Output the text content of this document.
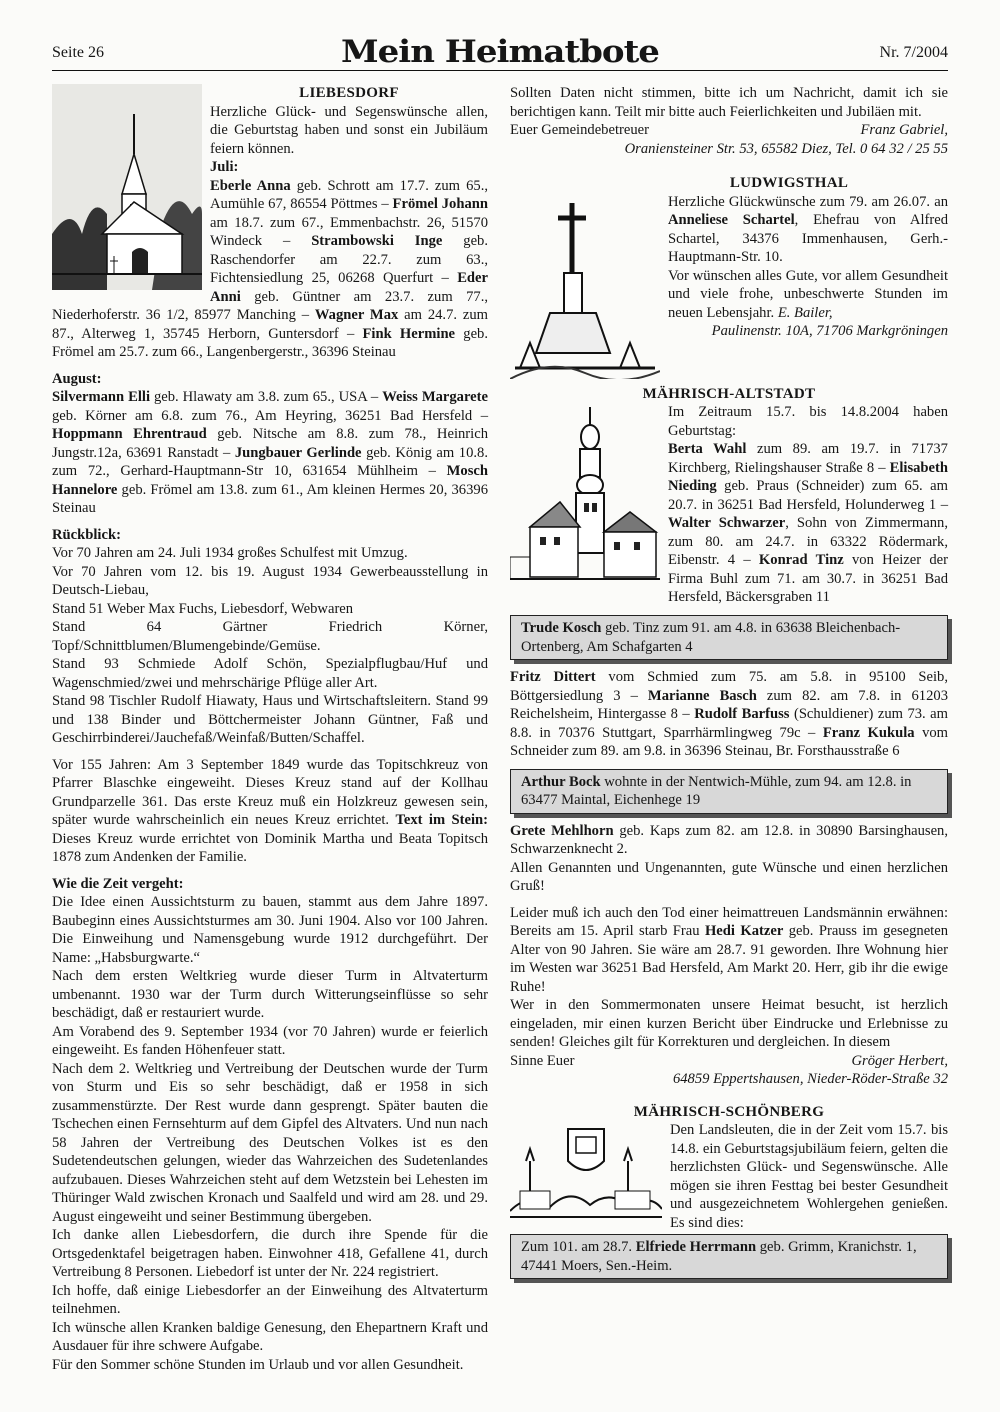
Seite 26	Mein Heimatbote	Nr. 7/2004

LIEBESDORF

Herzliche Glück- und Segenswünsche allen, die Geburtstag haben und sonst ein Jubiläum feiern können.

Juli:

Eberle Anna geb. Schrott am 17.7. zum 65., Aumühle 67, 86554 Pöttmes – Frömel Johann am 18.7. zum 67., Emmenbachstr. 26, 51570 Windeck – Strambowski Inge geb. Raschendorfer am 22.7. zum 63., Fichtensiedlung 25, 06268 Querfurt – Eder Anni geb. Güntner am 23.7. zum 77., Niederhoferstr. 36 1/2, 85977 Manching – Wagner Max am 24.7. zum 87., Alterweg 1, 35745 Herborn, Guntersdorf – Fink Hermine geb. Frömel am 25.7. zum 66., Langenbergerstr., 36396 Steinau

August:

Silvermann Elli geb. Hlawaty am 3.8. zum 65., USA – Weiss Margarete geb. Körner am 6.8. zum 76., Am Heyring, 36251 Bad Hersfeld – Hoppmann Ehrentraud geb. Nitsche am 8.8. zum 78., Heinrich Jungstr.12a, 63691 Ranstadt – Jungbauer Gerlinde geb. König am 10.8. zum 72., Gerhard-Hauptmann-Str 10, 631654 Mühlheim – Mosch Hannelore geb. Frömel am 13.8. zum 61., Am kleinen Hermes 20, 36396 Steinau

Rückblick:

Vor 70 Jahren am 24. Juli 1934 großes Schulfest mit Umzug.

Vor 70 Jahren vom 12. bis 19. August 1934 Gewerbeausstellung in Deutsch-Liebau,

Stand 51 Weber Max Fuchs, Liebesdorf, Webwaren

Stand 64 Gärtner Friedrich Körner, Topf/Schnittblumen/Blumengebinde/Gemüse.

Stand 93 Schmiede Adolf Schön, Spezialpflugbau/Huf und Wagenschmied/zwei und mehrschärige Pflüge aller Art.

Stand 98 Tischler Rudolf Hiawaty, Haus und Wirtschaftsleitern. Stand 99 und 138 Binder und Böttchermeister Johann Güntner, Faß und Geschirrbinderei/Jauchefaß/Weinfaß/Butten/Schaffel.

Vor 155 Jahren: Am 3 September 1849 wurde das Topitschkreuz von Pfarrer Blaschke eingeweiht. Dieses Kreuz stand auf der Kollhau Grundparzelle 361. Das erste Kreuz muß ein Holzkreuz gewesen sein, später wurde wahrscheinlich ein neues Kreuz errichtet. Text im Stein: Dieses Kreuz wurde errichtet von Dominik Martha und Beata Topitsch 1878 zum Andenken der Familie.

Wie die Zeit vergeht:

Die Idee einen Aussichtsturm zu bauen, stammt aus dem Jahre 1897. Baubeginn eines Aussichtsturmes am 30. Juni 1904. Also vor 100 Jahren. Die Einweihung und Namensgebung wurde 1912 durchgeführt. Der Name: „Habsburgwarte.“

Nach dem ersten Weltkrieg wurde dieser Turm in Altvaterturm umbenannt. 1930 war der Turm durch Witterungseinflüsse so sehr beschädigt, daß er restauriert wurde.

Am Vorabend des 9. September 1934 (vor 70 Jahren) wurde er feierlich eingeweiht. Es fanden Höhenfeuer statt.

Nach dem 2. Weltkrieg und Vertreibung der Deutschen wurde der Turm von Sturm und Eis so sehr beschädigt, daß er 1958 in sich zusammenstürzte. Der Rest wurde dann gesprengt. Später bauten die Tschechen einen Fernsehturm auf dem Gipfel des Altvaters. Und nun nach 58 Jahren der Vertreibung des Deutschen Volkes ist es den Sudetendeutschen gelungen, wieder das Wahrzeichen des Sudetenlandes aufzubauen. Dieses Wahrzeichen steht auf dem Wetzstein bei Lehesten im Thüringer Wald zwischen Kronach und Saalfeld und wird am 28. und 29. August eingeweiht und seiner Bestimmung übergeben.

Ich danke allen Liebesdorfern, die durch ihre Spende für die Ortsgedenktafel beigetragen haben. Einwohner 418, Gefallene 41, durch Vertreibung 8 Personen. Liebedorf ist unter der Nr. 224 registriert.

Ich hoffe, daß einige Liebesdorfer an der Einweihung des Altvaterturm teilnehmen.

Ich wünsche allen Kranken baldige Genesung, den Ehepartnern Kraft und Ausdauer für ihre schwere Aufgabe.

Für den Sommer schöne Stunden im Urlaub und vor allen Gesundheit.

Sollten Daten nicht stimmen, bitte ich um Nachricht, damit ich sie berichtigen kann. Teilt mir bitte auch Feierlichkeiten und Jubiläen mit.

Euer Gemeindebetreuer	Franz Gabriel,

Oraniensteiner Str. 53, 65582 Diez, Tel. 0 64 32 / 25 55

LUDWIGSTHAL

Herzliche Glückwünsche zum 79. am 26.07. an Anneliese Schartel, Ehefrau von Alfred Schartel, 34376 Immenhausen, Gerh.-Hauptmann-Str. 10.

Vor wünschen alles Gute, vor allem Gesundheit und viele frohe, unbeschwerte Stunden im neuen Lebensjahr. E. Bailer,

Paulinenstr. 10A, 71706 Markgröningen

MÄHRISCH-ALTSTADT

Im Zeitraum 15.7. bis 14.8.2004 haben Geburtstag:

Berta Wahl zum 89. am 19.7. in 71737 Kirchberg, Rielingshauser Straße 8 – Elisabeth Nieding geb. Praus (Schneider) zum 65. am 20.7. in 36251 Bad Hersfeld, Holunderweg 1 – Walter Schwarzer, Sohn von Zimmermann, zum 80. am 24.7. in 63322 Rödermark, Eibenstr. 4 – Konrad Tinz von Heizer der Firma Buhl zum 71. am 30.7. in 36251 Bad Hersfeld, Bäckersgraben 11

Trude Kosch geb. Tinz zum 91. am 4.8. in 63638 Bleichenbach-Ortenberg, Am Schafgarten 4

Fritz Dittert vom Schmied zum 75. am 5.8. in 95100 Seib, Böttgersiedlung 3 – Marianne Basch zum 82. am 7.8. in 61203 Reichelsheim, Hintergasse 8 – Rudolf Barfuss (Schuldiener) zum 73. am 8.8. in 70376 Stuttgart, Sparrhärmlingweg 79c – Franz Kukula vom Schneider zum 89. am 9.8. in 36396 Steinau, Br. Forsthausstraße 6

Arthur Bock wohnte in der Nentwich-Mühle, zum 94. am 12.8. in 63477 Maintal, Eichenhege 19

Grete Mehlhorn geb. Kaps zum 82. am 12.8. in 30890 Barsinghausen, Schwarzenknecht 2.

Allen Genannten und Ungenannten, gute Wünsche und einen herzlichen Gruß!

Leider muß ich auch den Tod einer heimattreuen Landsmännin erwähnen: Bereits am 15. April starb Frau Hedi Katzer geb. Prauss im gesegneten Alter von 90 Jahren. Sie wäre am 28.7. 91 geworden. Ihre Wohnung hier im Westen war 36251 Bad Hersfeld, Am Markt 20. Herr, gib ihr die ewige Ruhe!

Wer in den Sommermonaten unsere Heimat besucht, ist herzlich eingeladen, mir einen kurzen Bericht über Eindrucke und Erlebnisse zu senden! Gleiches gilt für Korrekturen und dergleichen. In diesem

Sinne Euer	Gröger Herbert,

64859 Eppertshausen, Nieder-Röder-Straße 32

MÄHRISCH-SCHÖNBERG

Den Landsleuten, die in der Zeit vom 15.7. bis 14.8. ein Geburtstagsjubiläum feiern, gelten die herzlichsten Glück- und Segenswünsche. Alle mögen sie ihren Festtag bei bester Gesundheit und ausgezeichnetem Wohlergehen genießen. Es sind dies:

Zum 101. am 28.7. Elfriede Herrmann geb. Grimm, Kranichstr. 1, 47441 Moers, Sen.-Heim.
